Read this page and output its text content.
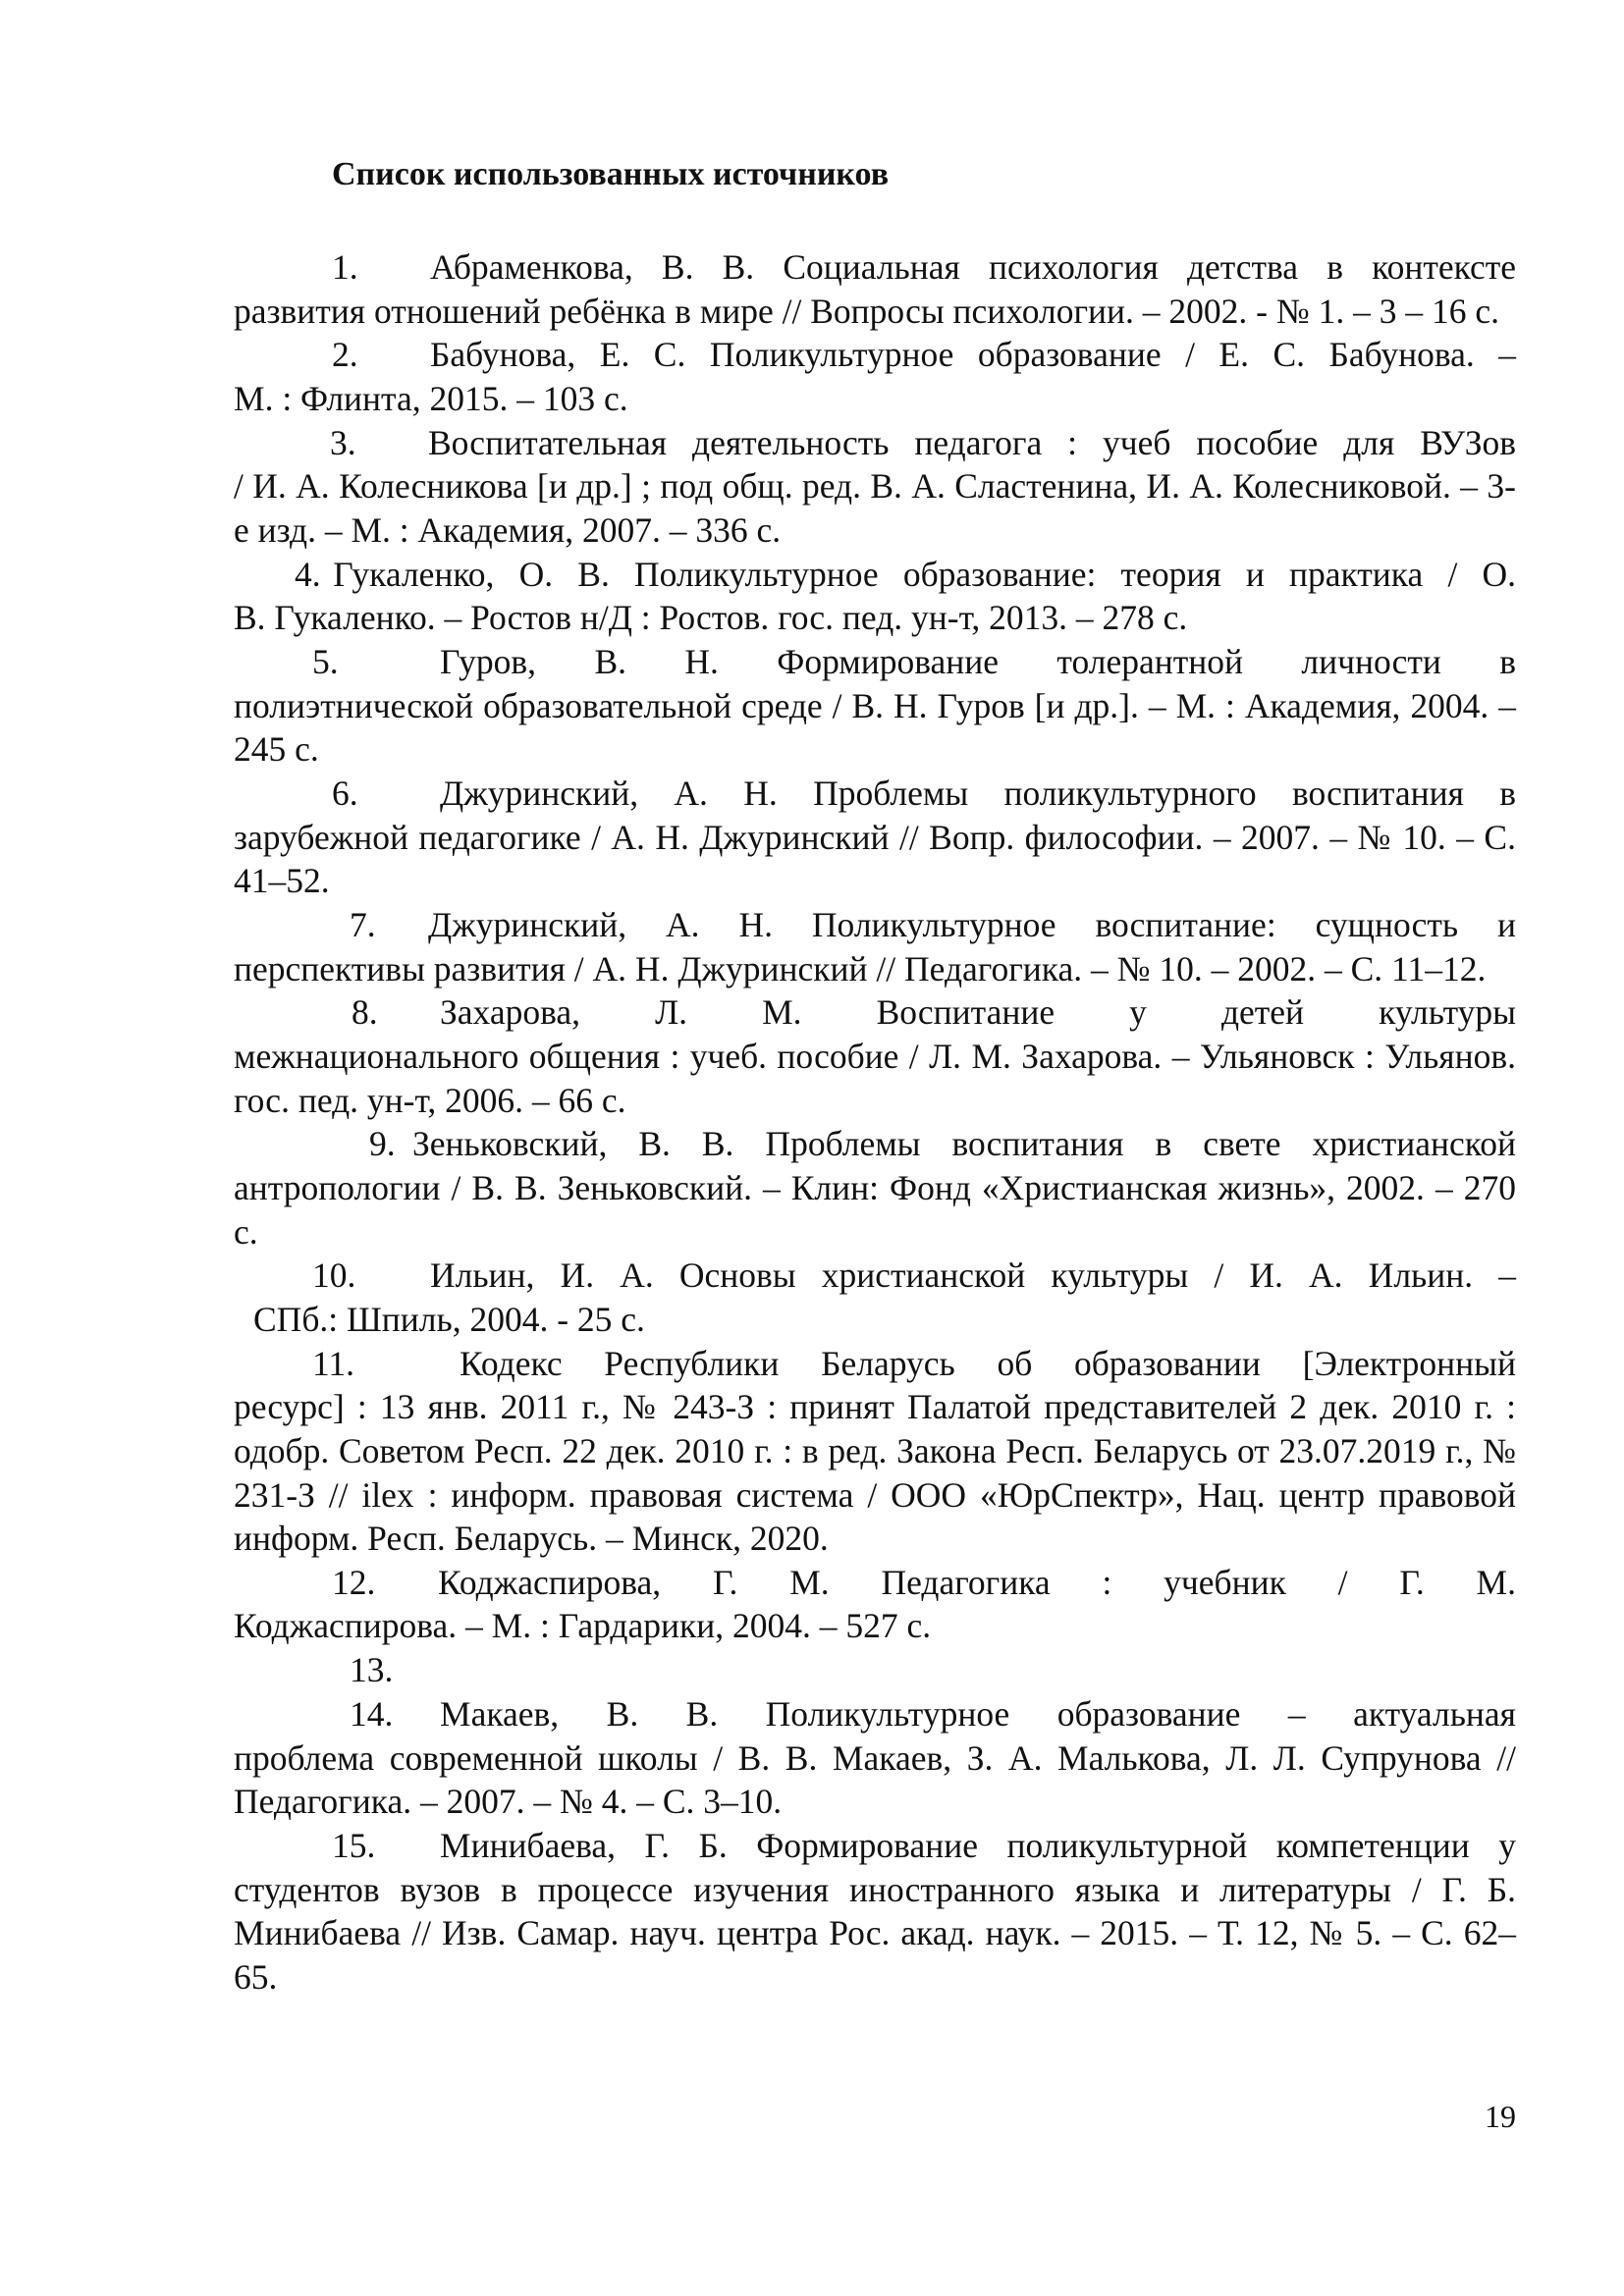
Список использованных источников
1. Абраменкова, В. В. Социальная психология детства в контексте
развития отношений ребёнка в мире // Вопросы психологии. – 2002. - № 1. – 3 – 16 с.
2. Бабунова, Е. С. Поликультурное образование / Е. С. Бабунова. –
М. : Флинта, 2015. – 103 с.
3. Воспитательная деятельность педагога : учеб пособие для ВУЗов
/ И. А. Колесникова [и др.] ; под общ. ред. В. А. Сластенина, И. А. Колесниковой. – 3-е изд. – М. : Академия, 2007. – 336 с.
4. Гукаленко, О. В. Поликультурное образование: теория и практика / О.
В. Гукаленко. – Ростов н/Д : Ростов. гос. пед. ун-т, 2013. – 278 с.
5.	Гуров, В. Н. Формирование толерантной личности в
полиэтнической образовательной среде / В. Н. Гуров [и др.]. – М. : Академия, 2004. – 245 с.
6. Джуринский, А. Н. Проблемы поликультурного воспитания в
зарубежной педагогике / А. Н. Джуринский // Вопр. философии. – 2007. – № 10. – С. 41–52.
7. Джуринский, А. Н. Поликультурное воспитание: сущность и
перспективы развития / А. Н. Джуринский // Педагогика. – № 10. – 2002. – С. 11–12.
8. Захарова, Л. М. Воспитание у детей культуры
межнационального общения : учеб. пособие / Л. М. Захарова. – Ульяновск : Ульянов. гос. пед. ун-т, 2006. – 66 с.
9. Зеньковский, В. В. Проблемы воспитания в свете христианской
антропологии / В. В. Зеньковский. – Клин: Фонд «Христианская жизнь», 2002. – 270 с.
10. Ильин, И. А. Основы христианской культуры / И. А. Ильин. –
СПб.: Шпиль, 2004. - 25 с.
11.	Кодекс Республики Беларусь об образовании [Электронный
ресурс] : 13 янв. 2011 г., № 243-З : принят Палатой представителей 2 дек. 2010 г. : одобр. Советом Респ. 22 дек. 2010 г. : в ред. Закона Респ. Беларусь от 23.07.2019 г., № 231-З // ilex : информ. правовая система / ООО «ЮрСпектр», Нац. центр правовой информ. Респ. Беларусь. – Минск, 2020.
12. Коджаспирова, Г. М. Педагогика : учебник / Г. М.
Коджаспирова. – М. : Гардарики, 2004. – 527 с.
13.
14. Макаев, В. В. Поликультурное образование – актуальная
проблема современной школы / В. В. Макаев, З. А. Малькова, Л. Л. Супрунова // Педагогика. – 2007. – № 4. – С. 3–10.
15. Минибаева, Г. Б. Формирование поликультурной компетенции у
студентов вузов в процессе изучения иностранного языка и литературы / Г. Б. Минибаева // Изв. Самар. науч. центра Рос. акад. наук. – 2015. – Т. 12, № 5. – С. 62–65.
19
